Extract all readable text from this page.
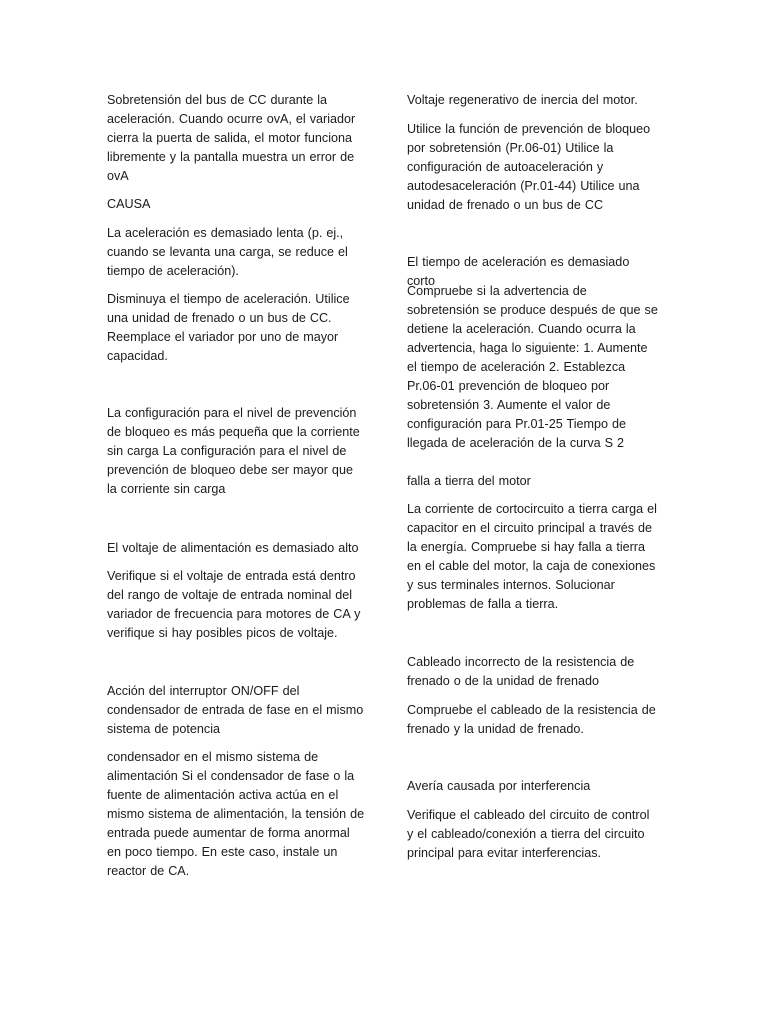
Sobretensión del bus de CC durante la aceleración. Cuando ocurre ovA, el variador cierra la puerta de salida, el motor funciona libremente y la pantalla muestra un error de ovA

CAUSA

La aceleración es demasiado lenta (p. ej., cuando se levanta una carga, se reduce el tiempo de aceleración).

Disminuya el tiempo de aceleración. Utilice una unidad de frenado o un bus de CC. Reemplace el variador por uno de mayor capacidad.

La configuración para el nivel de prevención de bloqueo es más pequeña que la corriente sin carga La configuración para el nivel de prevención de bloqueo debe ser mayor que la corriente sin carga

El voltaje de alimentación es demasiado alto

Verifique si el voltaje de entrada está dentro del rango de voltaje de entrada nominal del variador de frecuencia para motores de CA y verifique si hay posibles picos de voltaje.

Acción del interruptor ON/OFF del condensador de entrada de fase en el mismo sistema de potencia

condensador en el mismo sistema de alimentación Si el condensador de fase o la fuente de alimentación activa actúa en el mismo sistema de alimentación, la tensión de entrada puede aumentar de forma anormal en poco tiempo. En este caso, instale un reactor de CA.

Voltaje regenerativo de inercia del motor.

Utilice la función de prevención de bloqueo por sobretensión (Pr.06-01) Utilice la configuración de autoaceleración y autodesaceleración (Pr.01-44) Utilice una unidad de frenado o un bus de CC

El tiempo de aceleración es demasiado corto

Compruebe si la advertencia de sobretensión se produce después de que se detiene la aceleración. Cuando ocurra la advertencia, haga lo siguiente: 1. Aumente el tiempo de aceleración 2. Establezca Pr.06-01 prevención de bloqueo por sobretensión 3. Aumente el valor de configuración para Pr.01-25 Tiempo de llegada de aceleración de la curva S 2

falla a tierra del motor

La corriente de cortocircuito a tierra carga el capacitor en el circuito principal a través de la energía. Compruebe si hay falla a tierra en el cable del motor, la caja de conexiones y sus terminales internos. Solucionar problemas de falla a tierra.

Cableado incorrecto de la resistencia de frenado o de la unidad de frenado

Compruebe el cableado de la resistencia de frenado y la unidad de frenado.

Avería causada por interferencia

Verifique el cableado del circuito de control y el cableado/conexión a tierra del circuito principal para evitar interferencias.
